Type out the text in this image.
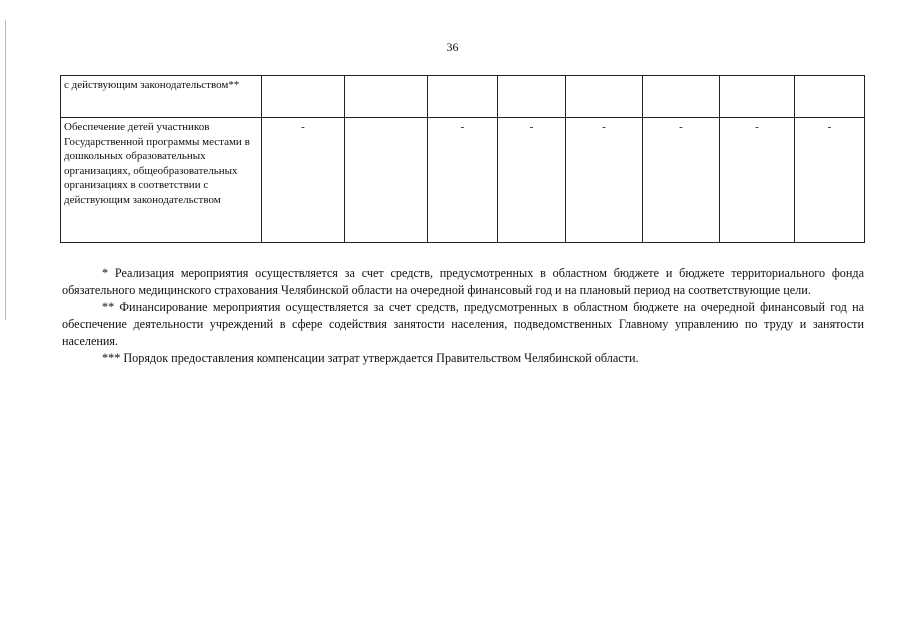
36
с действующим законодательством**								
Обеспечение детей участников Государственной программы местами в дошкольных образовательных организациях, общеобразовательных организациях в соответствии с действующим законодательством	-		-	-	-	-	-	-

* Реализация мероприятия осуществляется за счет средств, предусмотренных в областном бюджете и бюджете территориального фонда обязательного медицинского страхования Челябинской области на очередной финансовый год и на плановый период на соответствующие цели.

** Финансирование мероприятия осуществляется за счет средств, предусмотренных в областном бюджете на очередной финансовый год на обеспечение деятельности учреждений в сфере содействия занятости населения, подведомственных Главному управлению по труду и занятости населения.

*** Порядок предоставления компенсации затрат утверждается Правительством Челябинской области.
